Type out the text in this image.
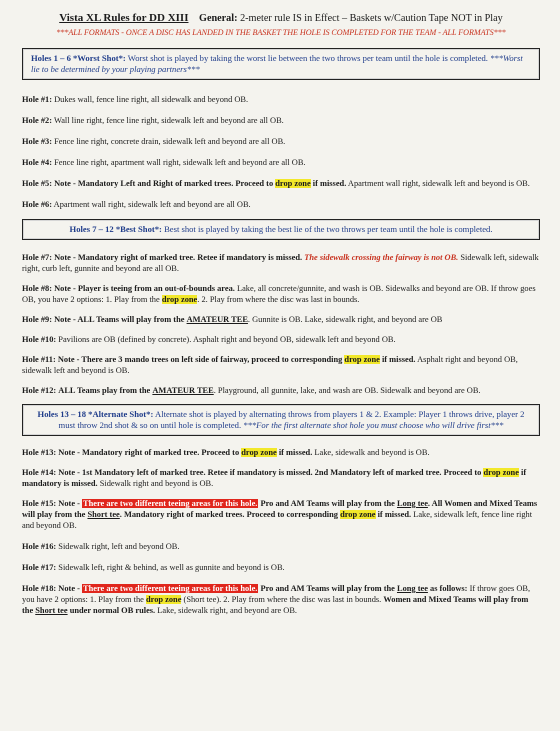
Vista XL Rules for DD XIII General: 2-meter rule IS in Effect – Baskets w/Caution Tape NOT in Play
***ALL FORMATS - ONCE A DISC HAS LANDED IN THE BASKET THE HOLE IS COMPLETED FOR THE TEAM - ALL FORMATS***
Holes 1 – 6 *Worst Shot*: Worst shot is played by taking the worst lie between the two throws per team until the hole is completed. ***Worst lie to be determined by your playing partners***

Hole #1: Dukes wall, fence line right, all sidewalk and beyond OB.

Hole #2: Wall line right, fence line right, sidewalk left and beyond are all OB.

Hole #3: Fence line right, concrete drain, sidewalk left and beyond are all OB.

Hole #4: Fence line right, apartment wall right, sidewalk left and beyond are all OB.

Hole #5: Note - Mandatory Left and Right of marked trees. Proceed to drop zone if missed. Apartment wall right, sidewalk left and beyond is OB.

Hole #6: Apartment wall right, sidewalk left and beyond are all OB.

Holes 7 – 12 *Best Shot*: Best shot is played by taking the best lie of the two throws per team until the hole is completed.

Hole #7: Note - Mandatory right of marked tree. Retee if mandatory is missed. The sidewalk crossing the fairway is not OB. Sidewalk left, sidewalk right, curb left, gunnite and beyond are all OB.

Hole #8: Note - Player is teeing from an out-of-bounds area. Lake, all concrete/gunnite, and wash is OB. Sidewalks and beyond are OB. If throw goes OB, you have 2 options: 1. Play from the drop zone. 2. Play from where the disc was last in bounds.

Hole #9: Note - ALL Teams will play from the AMATEUR TEE. Gunnite is OB. Lake, sidewalk right, and beyond are OB

Hole #10: Pavilions are OB (defined by concrete). Asphalt right and beyond OB, sidewalk left and beyond OB.

Hole #11: Note - There are 3 mando trees on left side of fairway, proceed to corresponding drop zone if missed. Asphalt right and beyond OB, sidewalk left and beyond is OB.

Hole #12: ALL Teams play from the AMATEUR TEE. Playground, all gunnite, lake, and wash are OB. Sidewalk and beyond are OB.

Holes 13 – 18 *Alternate Shot*: Alternate shot is played by alternating throws from players 1 & 2. Example: Player 1 throws drive, player 2 must throw 2nd shot & so on until hole is completed. ***For the first alternate shot hole you must choose who will drive first***

Hole #13: Note - Mandatory right of marked tree. Proceed to drop zone if missed. Lake, sidewalk and beyond is OB.

Hole #14: Note - 1st Mandatory left of marked tree. Retee if mandatory is missed. 2nd Mandatory left of marked tree. Proceed to drop zone if mandatory is missed. Sidewalk right and beyond is OB.

Hole #15: Note - There are two different teeing areas for this hole. Pro and AM Teams will play from the Long tee. All Women and Mixed Teams will play from the Short tee. Mandatory right of marked trees. Proceed to corresponding drop zone if missed. Lake, sidewalk left, fence line right and beyond OB.

Hole #16: Sidewalk right, left and beyond OB.

Hole #17: Sidewalk left, right & behind, as well as gunnite and beyond is OB.

Hole #18: Note - There are two different teeing areas for this hole. Pro and AM Teams will play from the Long tee as follows: If throw goes OB, you have 2 options: 1. Play from the drop zone (Short tee). 2. Play from where the disc was last in bounds. Women and Mixed Teams will play from the Short tee under normal OB rules. Lake, sidewalk right, and beyond are OB.
